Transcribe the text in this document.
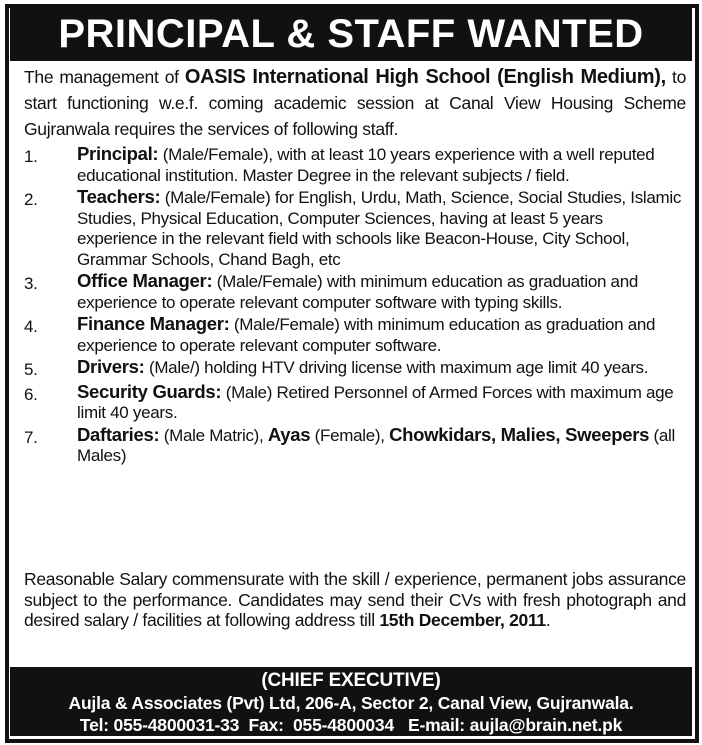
PRINCIPAL & STAFF WANTED
The management of OASIS International High School (English Medium), to start functioning w.e.f. coming academic session at Canal View Housing Scheme Gujranwala requires the services of following staff.
1.	Principal: (Male/Female), with at least 10 years experience with a well reputed educational institution. Master Degree in the relevant subjects / field.
2.	Teachers: (Male/Female) for English, Urdu, Math, Science, Social Studies, Islamic Studies, Physical Education, Computer Sciences, having at least 5 years experience in the relevant field with schools like Beacon-House, City School, Grammar Schools, Chand Bagh, etc
3.	Office Manager: (Male/Female) with minimum education as graduation and experience to operate relevant computer software with typing skills.
4.	Finance Manager: (Male/Female) with minimum education as graduation and experience to operate relevant computer software.
5.	Drivers: (Male/) holding HTV driving license with maximum age limit 40 years.
6.	Security Guards: (Male) Retired Personnel of Armed Forces with maximum age limit 40 years.
7.	Daftaries: (Male Matric), Ayas (Female), Chowkidars, Malies, Sweepers (all Males)
Reasonable Salary commensurate with the skill / experience, permanent jobs assurance subject to the performance. Candidates may send their CVs with fresh photograph and desired salary / facilities at following address till 15th December, 2011.
(CHIEF EXECUTIVE)
Aujla & Associates (Pvt) Ltd, 206-A, Sector 2, Canal View, Gujranwala.
Tel: 055-4800031-33  Fax:  055-4800034   E-mail: aujla@brain.net.pk
